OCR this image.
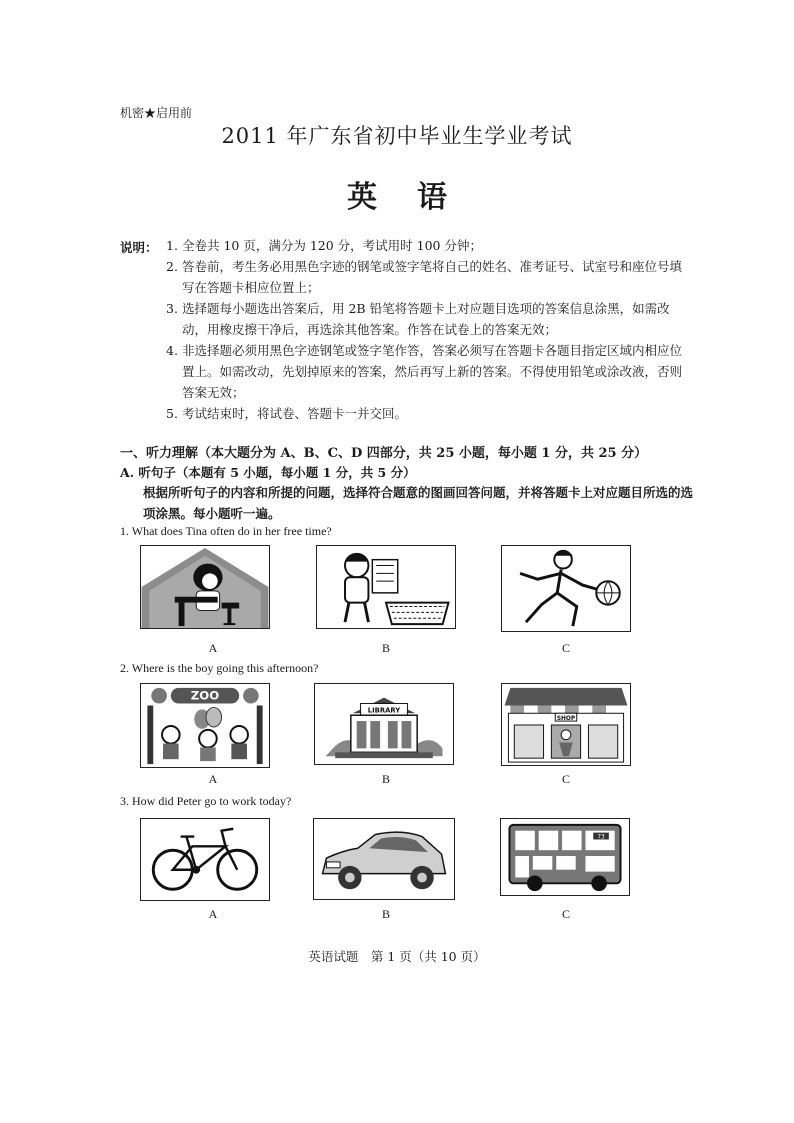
机密★启用前
2011 年广东省初中毕业生学业考试
英语
说明： 1. 全卷共 10 页，满分为 120 分，考试用时 100 分钟；
2. 答卷前，考生务必用黑色字迹的钢笔或签字笔将自己的姓名、准考证号、试室号和座位号填写在答题卡相应位置上；
3. 选择题每小题选出答案后，用 2B 铅笔将答题卡上对应题目选项的答案信息涂黑，如需改动，用橡皮擦干净后，再选涂其他答案。作答在试卷上的答案无效；
4. 非选择题必须用黑色字迹钢笔或签字笔作答，答案必须写在答题卡各题目指定区域内相应位置上。如需改动，先划掉原来的答案，然后再写上新的答案。不得使用铅笔或涂改液，否则答案无效；
5. 考试结束时，将试卷、答题卡一并交回。
一、听力理解（本大题分为 A、B、C、D 四部分，共 25 小题，每小题 1 分，共 25 分）
A. 听句子（本题有 5 小题，每小题 1 分，共 5 分）
根据所听句子的内容和所提的问题，选择符合题意的图画回答问题，并将答题卡上对应题目所选的选项涂黑。每小题听一遍。
1. What does Tina often do in her free time?
A	B	C
2. Where is the boy going this afternoon?
ZOO
LIBRARY
SHOP
A	B	C
3. How did Peter go to work today?
73
A	B	C
英语试题　第 1 页（共 10 页）
